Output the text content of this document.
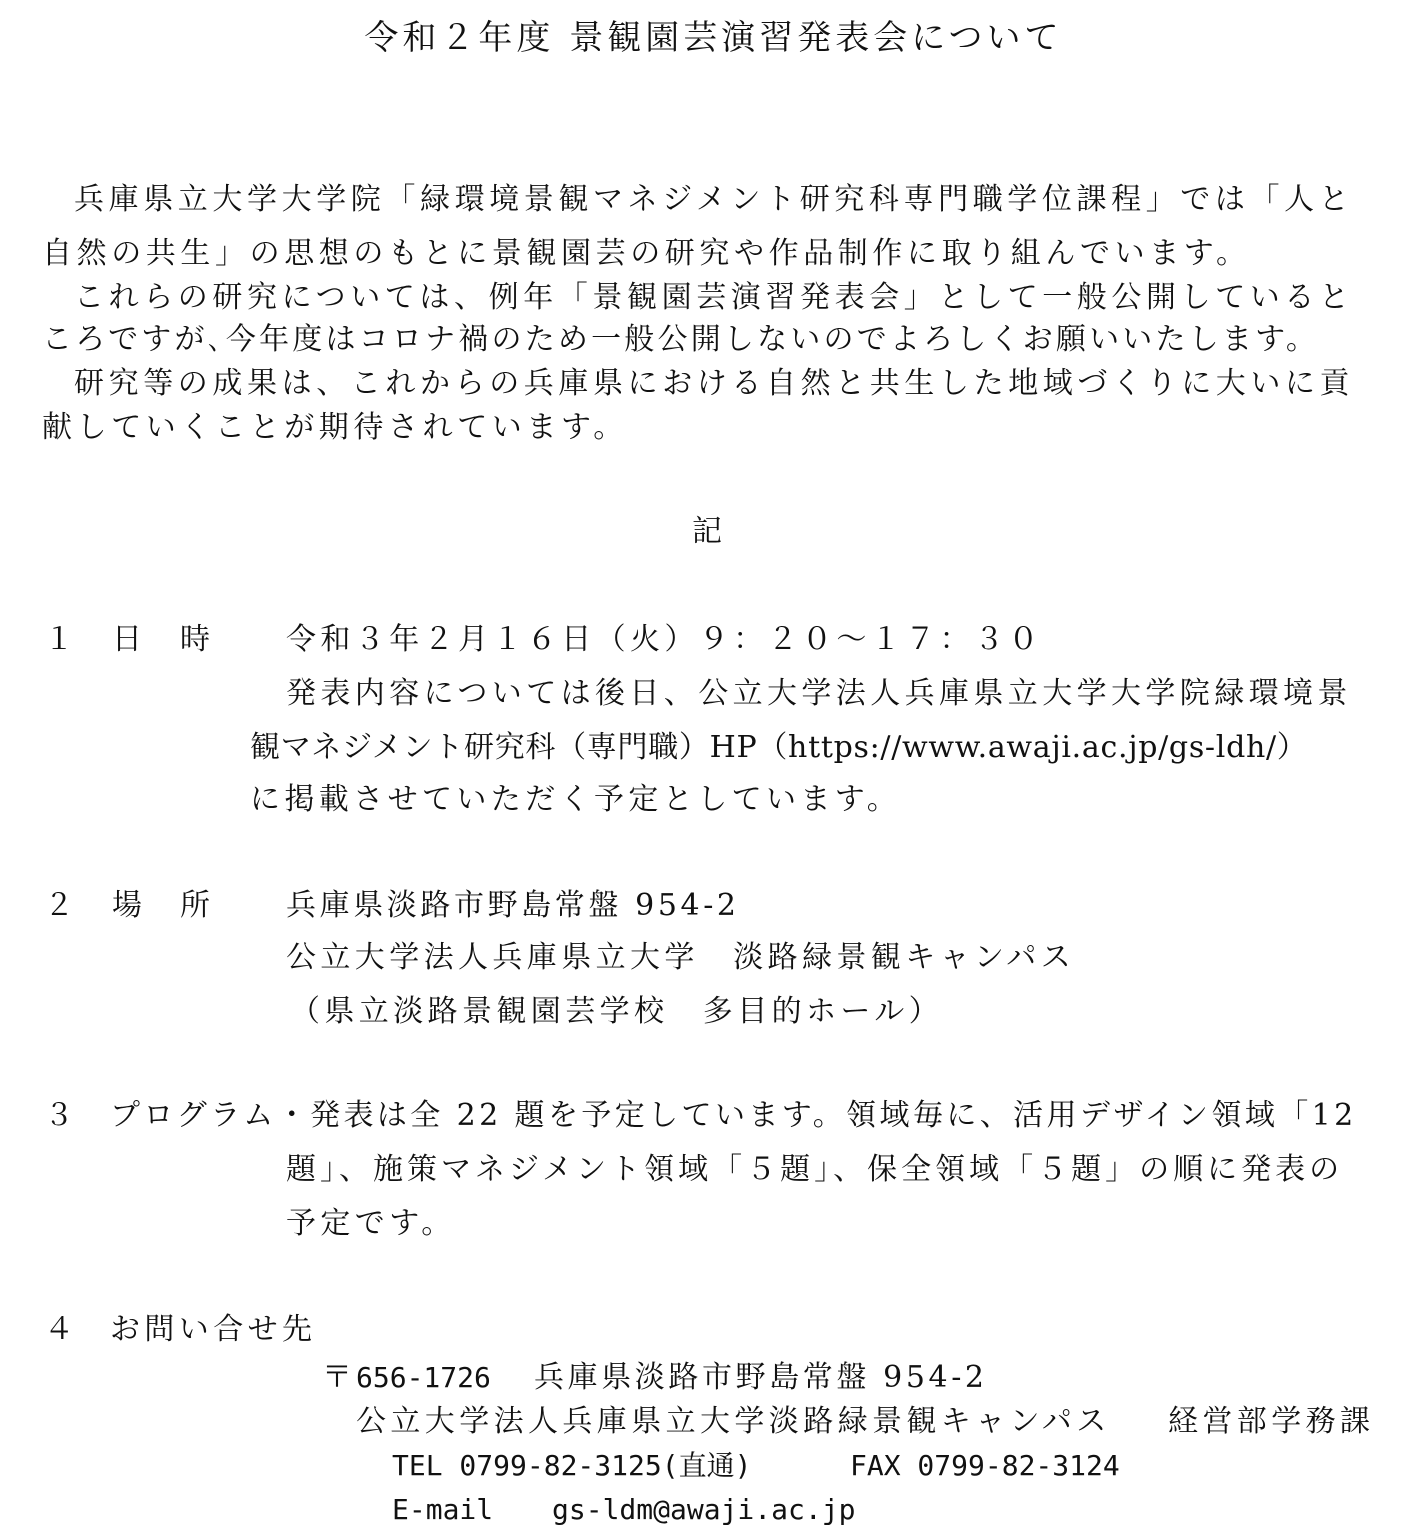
令和２年度 景観園芸演習発表会について

兵庫県立大学大学院「緑環境景観マネジメント研究科専門職学位課程」では「人と

自然の共生」の思想のもとに景観園芸の研究や作品制作に取り組んでいます。

これらの研究については、例年「景観園芸演習発表会」として一般公開していると

ころですが､今年度はコロナ禍のため一般公開しないのでよろしくお願いいたします。

研究等の成果は、これからの兵庫県における自然と共生した地域づくりに大いに貢

献していくことが期待されています。

記

１ 日 時	令和３年２月１６日（火）９：２０～１７：３０
発表内容については後日、公立大学法人兵庫県立大学大学院緑環境景
観マネジメント研究科（専門職）HP（https://www.awaji.ac.jp/gs-ldh/）
に掲載させていただく予定としています。
２ 場 所	兵庫県淡路市野島常盤 954-2
公立大学法人兵庫県立大学　淡路緑景観キャンパス
（県立淡路景観園芸学校　多目的ホール）
３ プログラム・発表は全 22 題を予定しています。領域毎に、活用デザイン領域「12
題」、施策マネジメント領域「５題」、保全領域「５題」の順に発表の
予定です。
４ お問い合せ先
〒 656-1726 兵庫県淡路市野島常盤 954-2
公立大学法人兵庫県立大学淡路緑景観キャンパス 経営部学務課
TEL 0799-82-3125(直通)	FAX 0799-82-3124
E-mail gs-ldm@awaji.ac.jp
